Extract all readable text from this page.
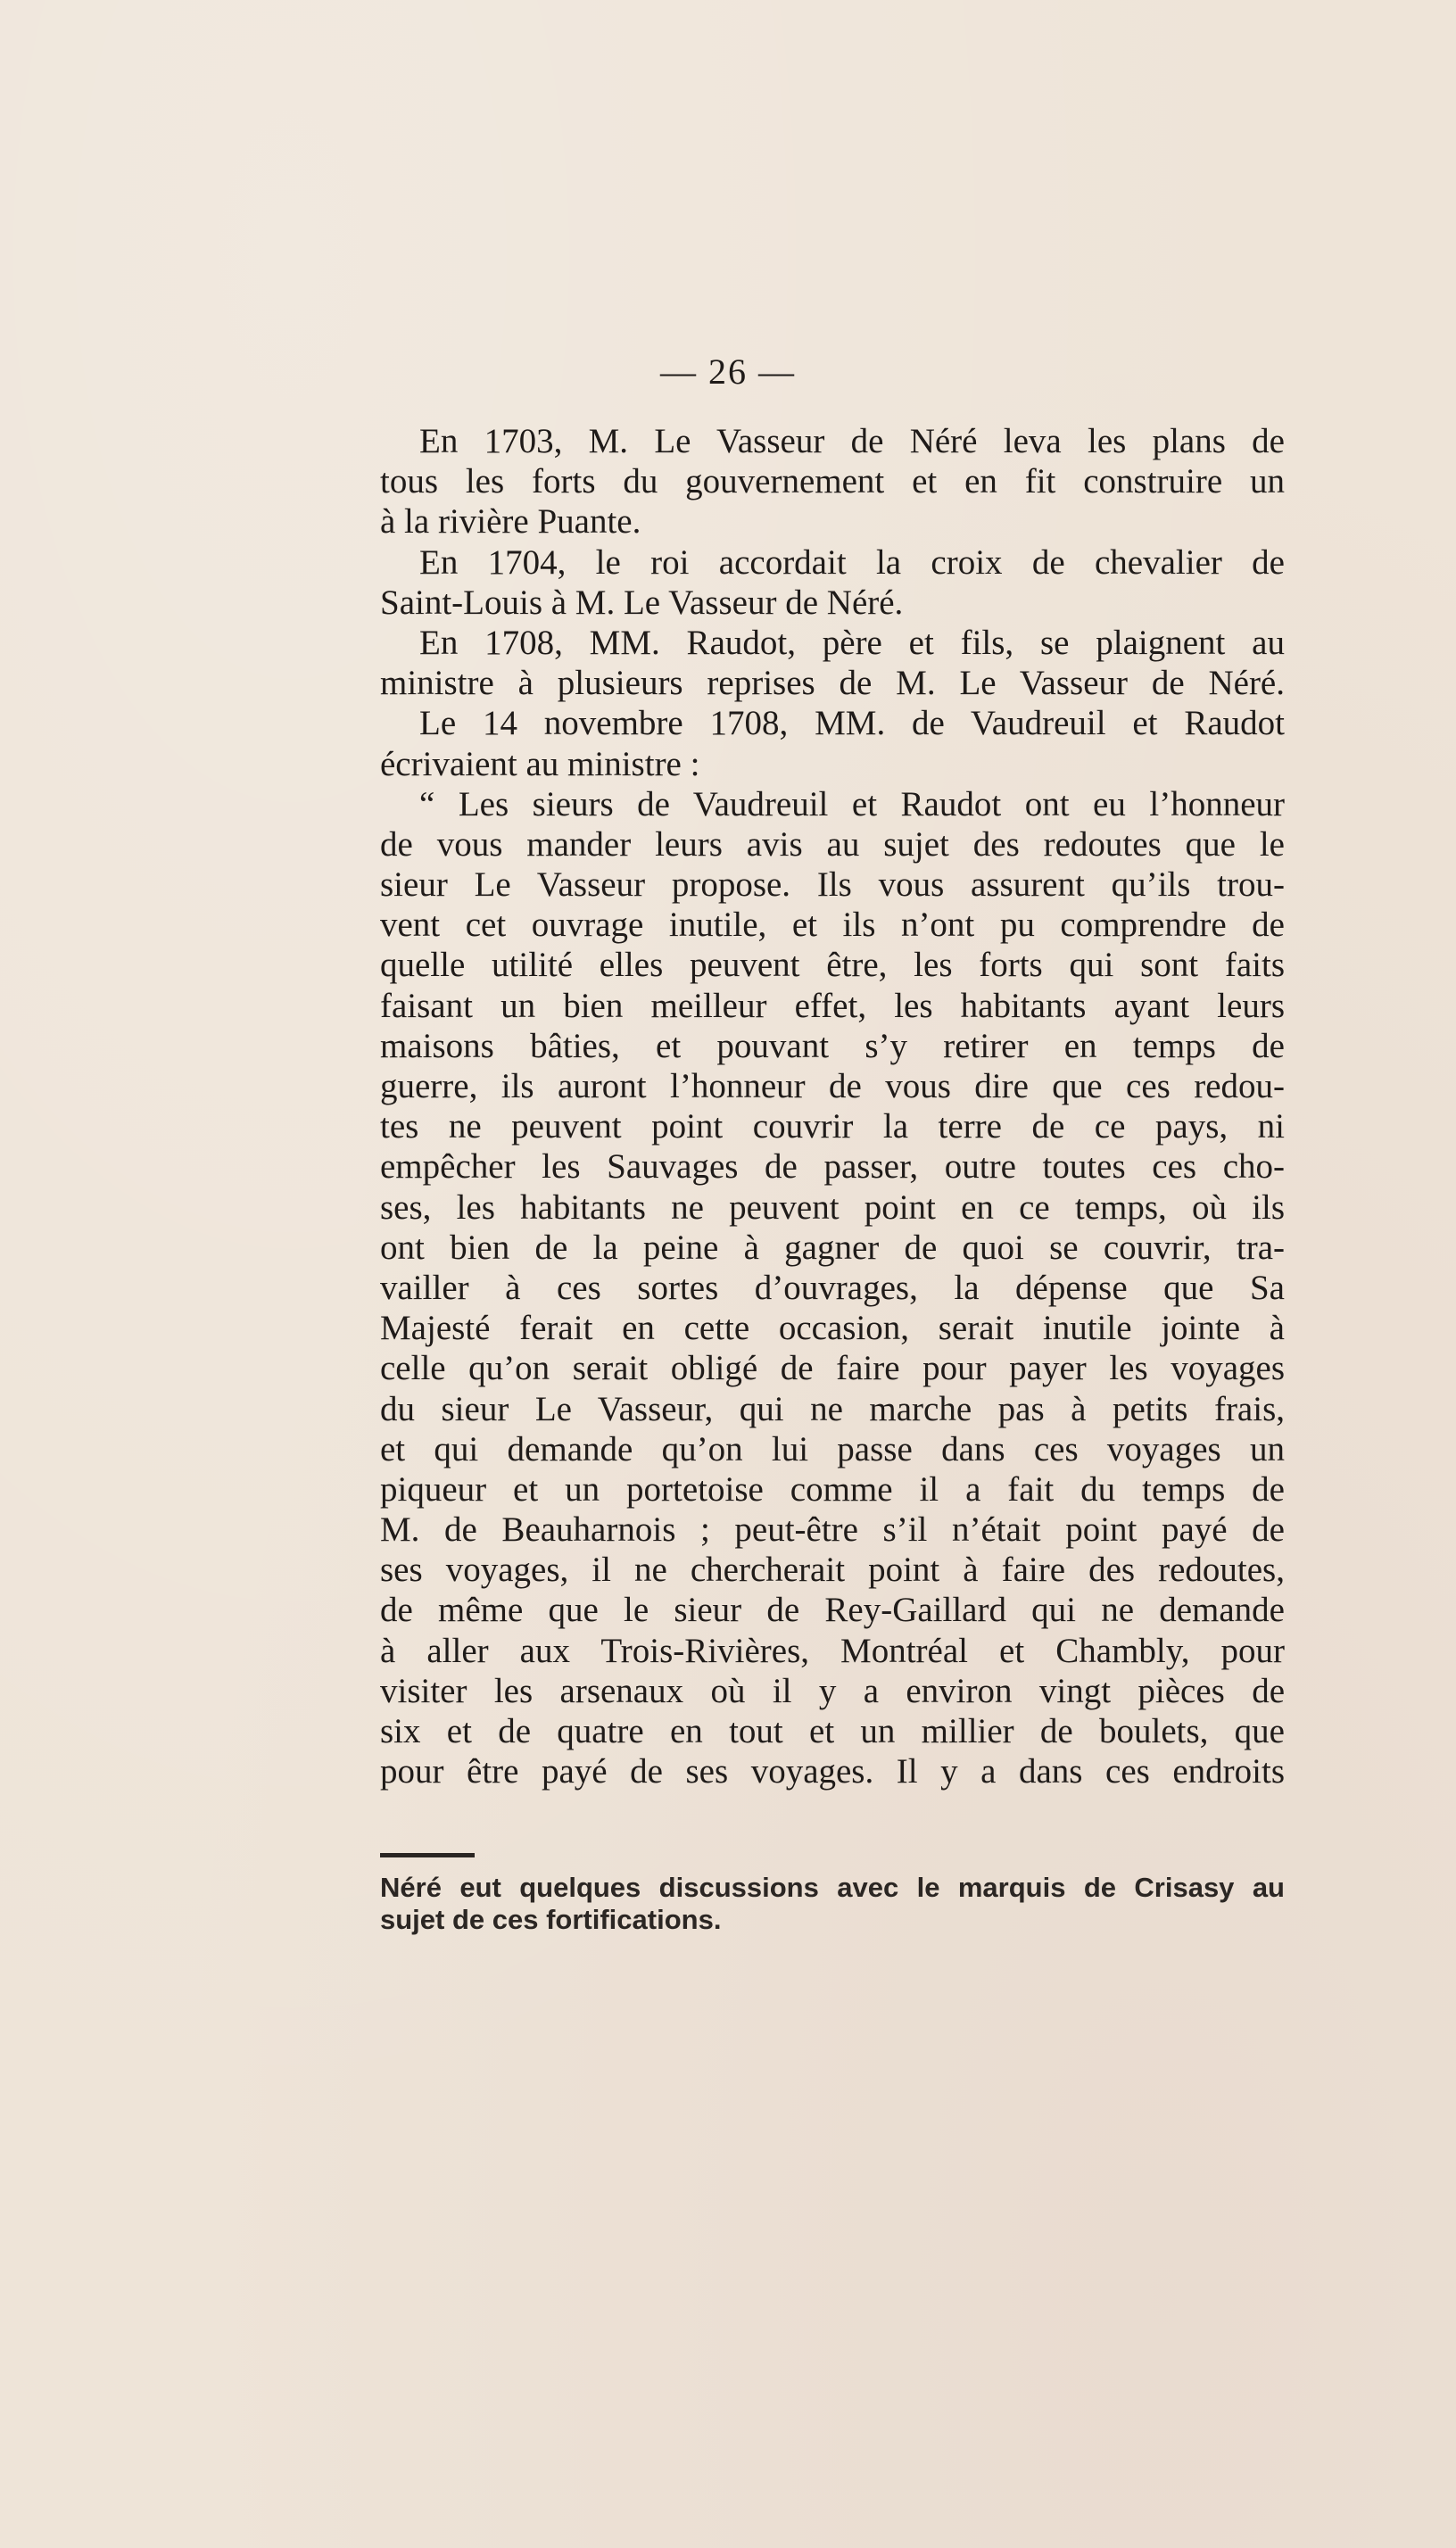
— 26 —
En 1703, M. Le Vasseur de Néré leva les plans de
tous les forts du gouvernement et en fit construire un
à la rivière Puante.
En 1704, le roi accordait la croix de chevalier de
Saint-Louis à M. Le Vasseur de Néré.
En 1708, MM. Raudot, père et fils, se plaignent au
ministre à plusieurs reprises de M. Le Vasseur de Néré.
Le 14 novembre 1708, MM. de Vaudreuil et Raudot
écrivaient au ministre :
“ Les sieurs de Vaudreuil et Raudot ont eu l’honneur
de vous mander leurs avis au sujet des redoutes que le
sieur Le Vasseur propose. Ils vous assurent qu’ils trou-
vent cet ouvrage inutile, et ils n’ont pu comprendre de
quelle utilité elles peuvent être, les forts qui sont faits
faisant un bien meilleur effet, les habitants ayant leurs
maisons bâties, et pouvant s’y retirer en temps de
guerre, ils auront l’honneur de vous dire que ces redou-
tes ne peuvent point couvrir la terre de ce pays, ni
empêcher les Sauvages de passer, outre toutes ces cho-
ses, les habitants ne peuvent point en ce temps, où ils
ont bien de la peine à gagner de quoi se couvrir, tra-
vailler à ces sortes d’ouvrages, la dépense que Sa
Majesté ferait en cette occasion, serait inutile jointe à
celle qu’on serait obligé de faire pour payer les voyages
du sieur Le Vasseur, qui ne marche pas à petits frais,
et qui demande qu’on lui passe dans ces voyages un
piqueur et un portetoise comme il a fait du temps de
M. de Beauharnois ; peut-être s’il n’était point payé de
ses voyages, il ne chercherait point à faire des redoutes,
de même que le sieur de Rey-Gaillard qui ne demande
à aller aux Trois-Rivières, Montréal et Chambly, pour
visiter les arsenaux où il y a environ vingt pièces de
six et de quatre en tout et un millier de boulets, que
pour être payé de ses voyages. Il y a dans ces endroits
Néré eut quelques discussions avec le marquis de Crisasy au
sujet de ces fortifications.
